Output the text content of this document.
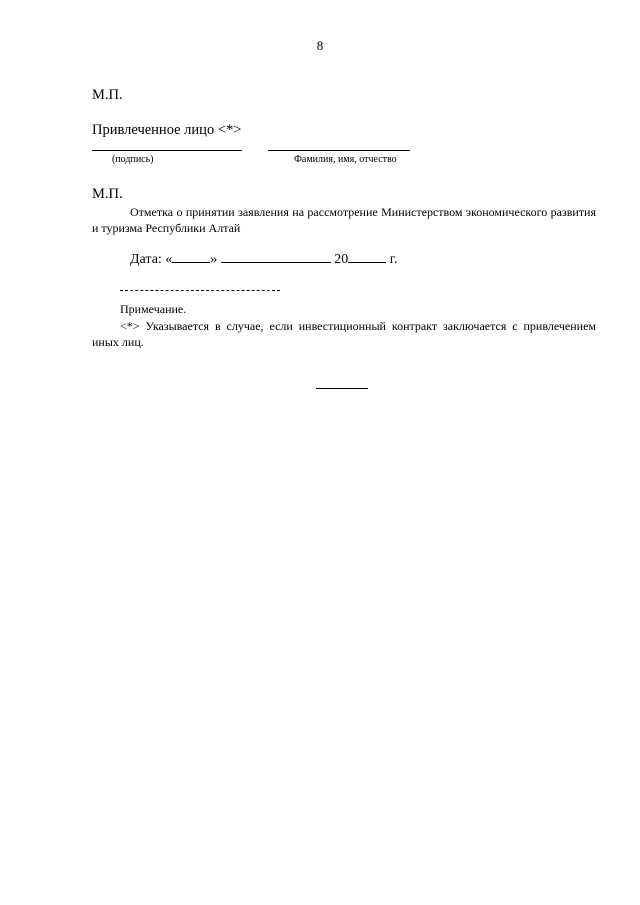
8
М.П.
Привлеченное лицо <*>
(подпись)	Фамилия, имя, отчество
М.П.
Отметка о принятии заявления на рассмотрение Министерством экономического развития и туризма Республики Алтай
Дата: «	»	20	г.
Примечание.
<*> Указывается в случае, если инвестиционный контракт заключается с привлечением иных лиц.
